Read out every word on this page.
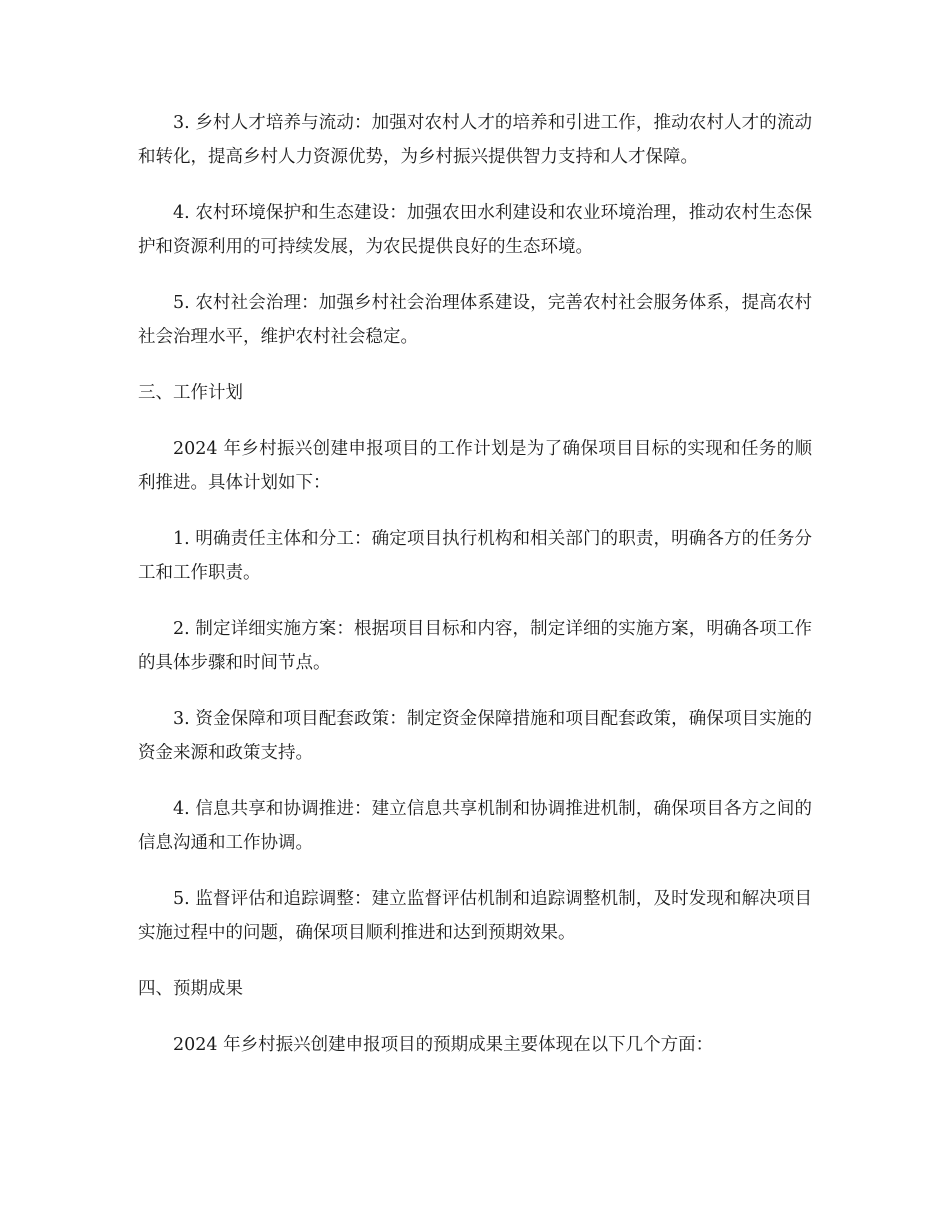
3. 乡村人才培养与流动：加强对农村人才的培养和引进工作，推动农村人才的流动和转化，提高乡村人力资源优势，为乡村振兴提供智力支持和人才保障。

4. 农村环境保护和生态建设：加强农田水利建设和农业环境治理，推动农村生态保护和资源利用的可持续发展，为农民提供良好的生态环境。

5. 农村社会治理：加强乡村社会治理体系建设，完善农村社会服务体系，提高农村社会治理水平，维护农村社会稳定。

三、工作计划

2024 年乡村振兴创建申报项目的工作计划是为了确保项目目标的实现和任务的顺利推进。具体计划如下：

1. 明确责任主体和分工：确定项目执行机构和相关部门的职责，明确各方的任务分工和工作职责。

2. 制定详细实施方案：根据项目目标和内容，制定详细的实施方案，明确各项工作的具体步骤和时间节点。

3. 资金保障和项目配套政策：制定资金保障措施和项目配套政策，确保项目实施的资金来源和政策支持。

4. 信息共享和协调推进：建立信息共享机制和协调推进机制，确保项目各方之间的信息沟通和工作协调。

5. 监督评估和追踪调整：建立监督评估机制和追踪调整机制，及时发现和解决项目实施过程中的问题，确保项目顺利推进和达到预期效果。

四、预期成果

2024 年乡村振兴创建申报项目的预期成果主要体现在以下几个方面：
